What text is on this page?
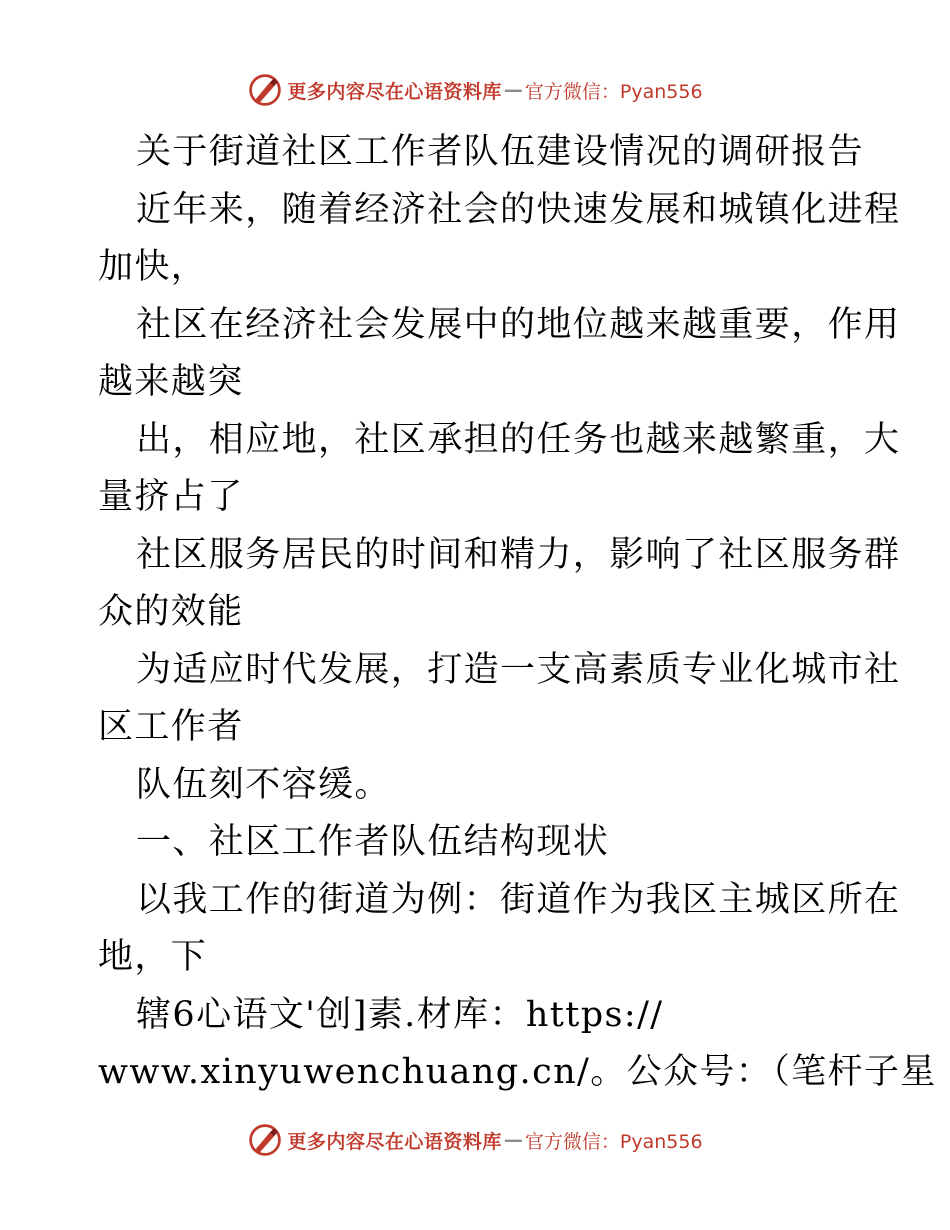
更多内容尽在心语资料库 — 官方微信：Pyan556
关于街道社区工作者队伍建设情况的调研报告
近年来，随着经济社会的快速发展和城镇化进程
加快，
社区在经济社会发展中的地位越来越重要，作用
越来越突
出，相应地，社区承担的任务也越来越繁重，大
量挤占了
社区服务居民的时间和精力，影响了社区服务群
众的效能
为适应时代发展，打造一支高素质专业化城市社
区工作者
队伍刻不容缓。
一、社区工作者队伍结构现状
以我工作的街道为例：街道作为我区主城区所在
地，下
辖6心语文'创]素.材库：https://
www.xinyuwenchuang.cn/。公众号：（笔杆子星
更多内容尽在心语资料库 — 官方微信：Pyan556
